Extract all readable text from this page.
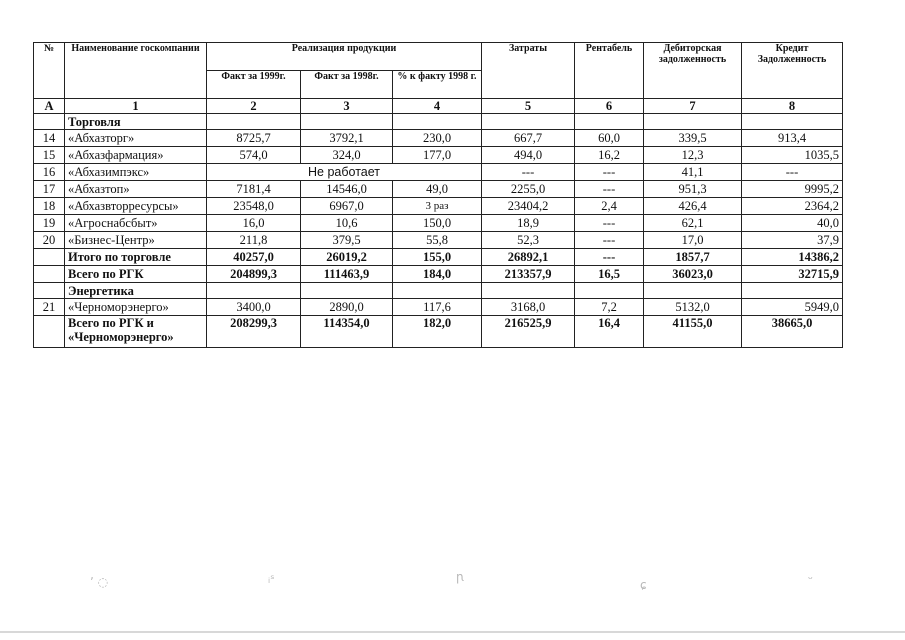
№	Наименование госкомпании	Реализация продукции			Затраты	Рентабель	Дебиторская задолженность	Кредит Задолженность
		Факт за 1999г.	Факт за 1998г.	% к факту 1998 г.				
А	1	2	3	4	5	6	7	8
	Торговля							
14	«Абхазторг»	8725,7	3792,1	230,0	667,7	60,0	339,5	913,4
15	«Абхазфармация»	574,0	324,0	177,0	494,0	16,2	12,3	1035,5
16	«Абхазимпэкс»	Не работает			---	---	41,1	---
17	«Абхазтоп»	7181,4	14546,0	49,0	2255,0	---	951,3	9995,2
18	«Абхазвторресурсы»	23548,0	6967,0	3 раз	23404,2	2,4	426,4	2364,2
19	«Агроснабсбыт»	16,0	10,6	150,0	18,9	---	62,1	40,0
20	«Бизнес-Центр»	211,8	379,5	55,8	52,3	---	17,0	37,9
	Итого по торговле	40257,0	26019,2	155,0	26892,1	---	1857,7	14386,2
	Всего по РГК	204899,3	111463,9	184,0	213357,9	16,5	36023,0	32715,9
	Энергетика							
21	«Черноморэнерго»	3400,0	2890,0	117,6	3168,0	7,2	5132,0	5949,0
	Всего по РГК и «Черноморэнерго»	208299,3	114354,0	182,0	216525,9	16,4	41155,0	38665,0
ʼ ◌	ᵢˢ	ꞃ
ɕ	ᵕ
